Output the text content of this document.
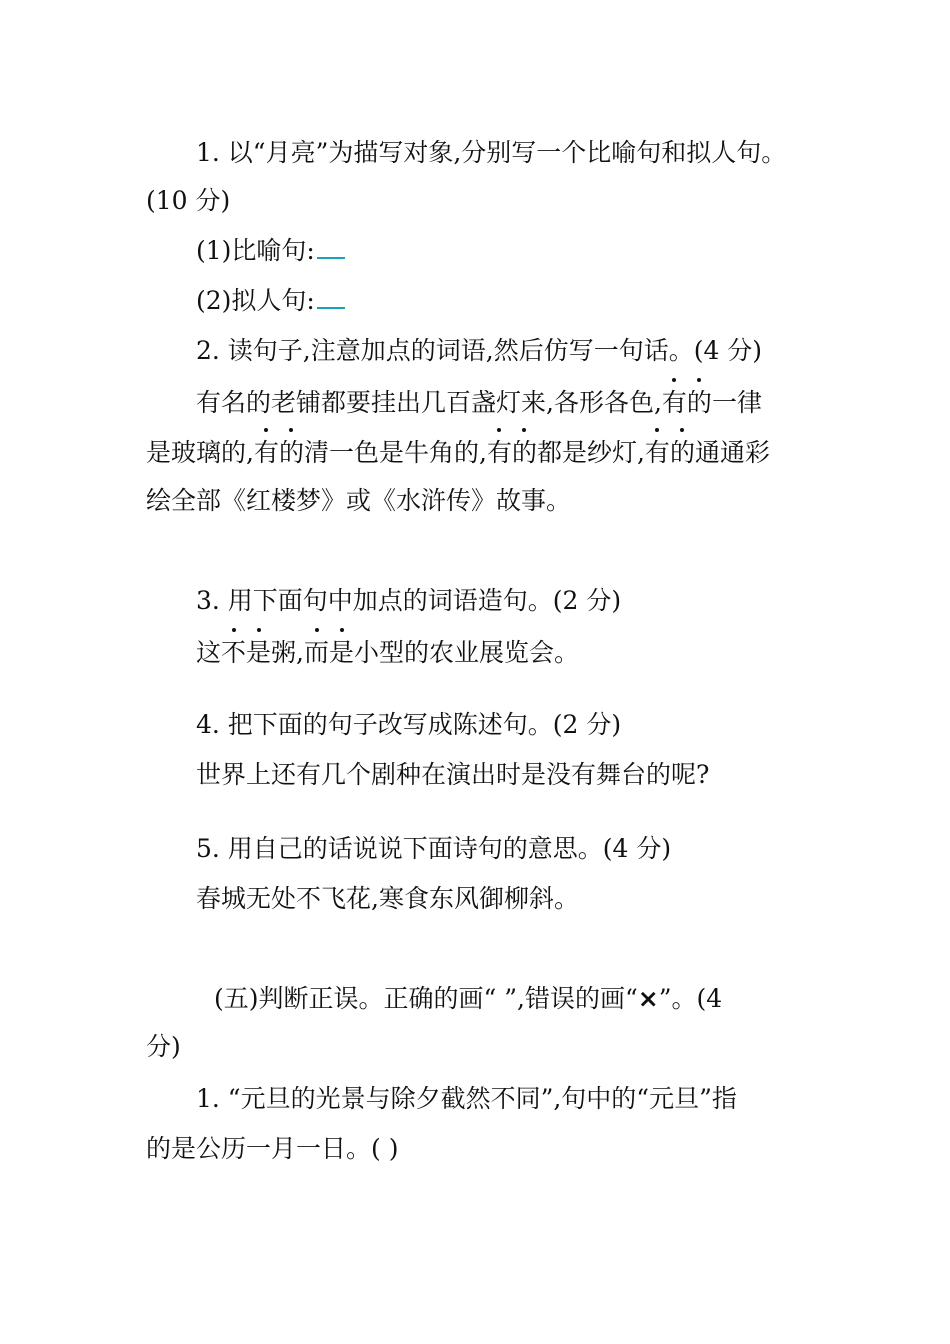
1. 以“月亮”为描写对象,分别写一个比喻句和拟人句。
(10 分)
(1)比喻句:
(2)拟人句:
2. 读句子,注意加点的词语,然后仿写一句话。(4 分)
有名的老铺都要挂出几百盏灯来,各形各色,有的一律
是玻璃的,有的清一色是牛角的,有的都是纱灯,有的通通彩
绘全部《红楼梦》或《水浒传》故事。
3. 用下面句中加点的词语造句。(2 分)
这不是粥,而是小型的农业展览会。
4. 把下面的句子改写成陈述句。(2 分)
世界上还有几个剧种在演出时是没有舞台的呢?
5. 用自己的话说说下面诗句的意思。(4 分)
春城无处不飞花,寒食东风御柳斜。
(五)判断正误。正确的画“ ”,错误的画“×”。(4
分)
1. “元旦的光景与除夕截然不同”,句中的“元旦”指
的是公历一月一日。( )
